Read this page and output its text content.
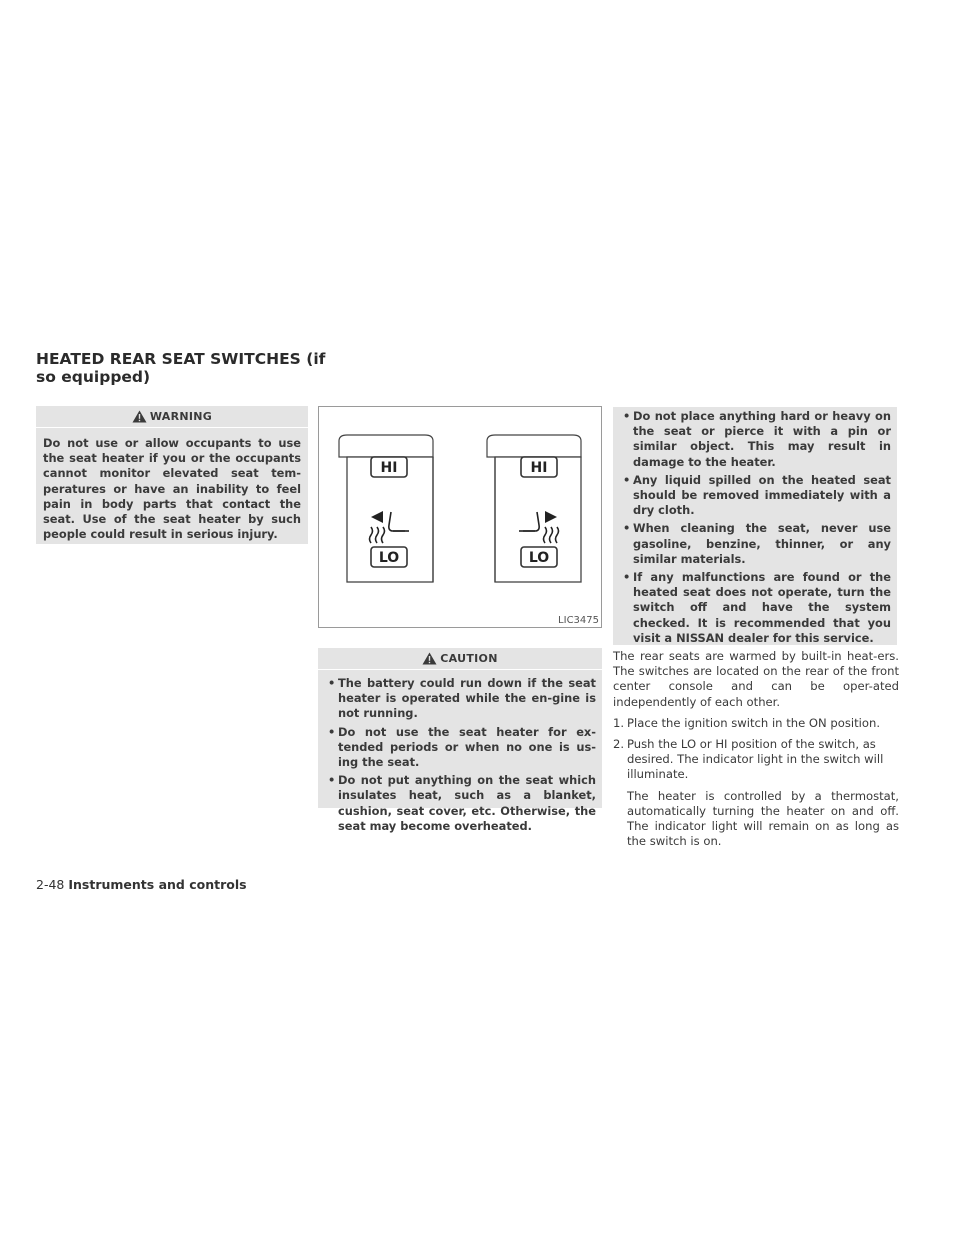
HEATED REAR SEAT SWITCHES (if so equipped)
WARNING
Do not use or allow occupants to use the seat heater if you or the occupants cannot monitor elevated seat tem-peratures or have an inability to feel pain in body parts that contact the seat. Use of the seat heater by such people could result in serious injury.
HI
LO
HI
LO
LIC3475
CAUTION
• The battery could run down if the seat heater is operated while the en-gine is not running.
• Do not use the seat heater for ex-tended periods or when no one is us-ing the seat.
• Do not put anything on the seat which insulates heat, such as a blanket, cushion, seat cover, etc. Otherwise, the seat may become overheated.
• Do not place anything hard or heavy on the seat or pierce it with a pin or similar object. This may result in damage to the heater.
• Any liquid spilled on the heated seat should be removed immediately with a dry cloth.
• When cleaning the seat, never use gasoline, benzine, thinner, or any similar materials.
• If any malfunctions are found or the heated seat does not operate, turn the switch off and have the system checked. It is recommended that you visit a NISSAN dealer for this service.

The rear seats are warmed by built-in heat-ers. The switches are located on the rear of the front center console and can be oper-ated independently of each other.

1. Place the ignition switch in the ON position.
2. Push the LO or HI position of the switch, as desired. The indicator light in the switch will illuminate.

The heater is controlled by a thermostat, automatically turning the heater on and off. The indicator light will remain on as long as the switch is on.

2-48 Instruments and controls
